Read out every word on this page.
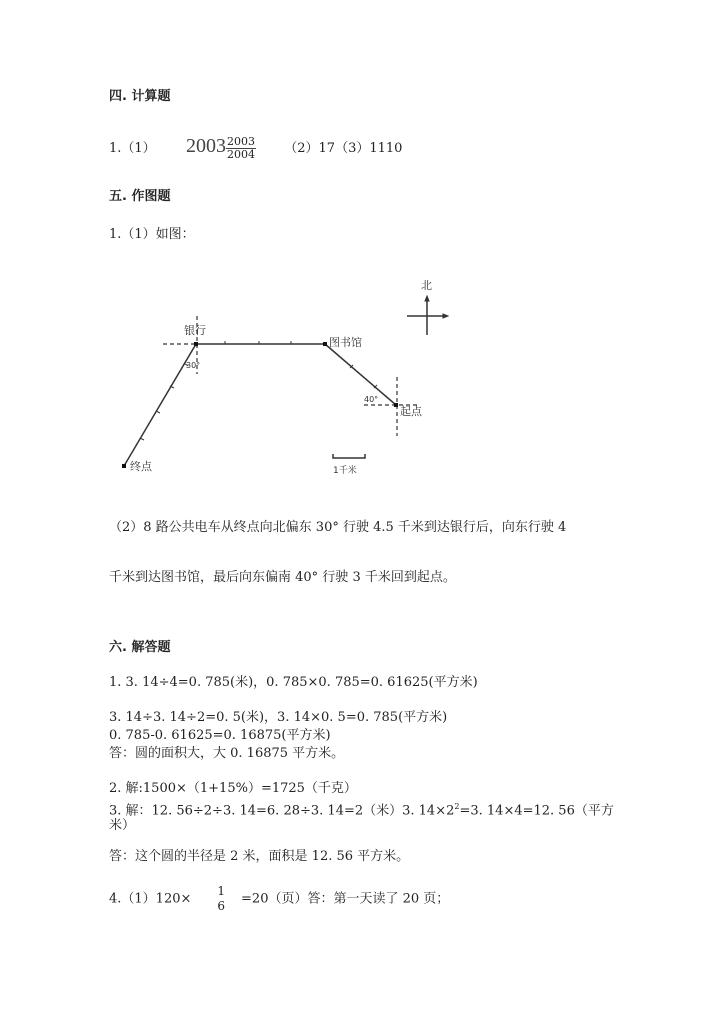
四. 计算题
1.（1） $2003 \frac{2003}{2004} (2)17(3)1110$
五. 作图题
1.（1）如图：
北
银行
图书馆
起点
终点
30°
40°
1千米
（2）8 路公共电车从终点向北偏东 30° 行驶 4.5 千米到达银行后，向东行驶 4
千米到达图书馆，最后向东偏南 40° 行驶 3 千米回到起点。
六. 解答题
1. 3. 14÷4=0. 785(米)，0. 785×0. 785=0. 61625(平方米)
3. 14÷3. 14÷2=0. 5(米)，3. 14×0. 5=0. 785(平方米)
0. 785-0. 61625=0. 16875(平方米)
答：圆的面积大，大 0. 16875 平方米。
2. 解:1500×（1+15%）=1725（千克）
3. 解：12. 56÷2÷3. 14=6. 28÷3. 14=2（米）3. $14\times 2^2=3$. 14×4=12. 56（平方
米）
答：这个圆的半径是 2 米，面积是 12. 56 平方米。
4.（1）120×
1
6 =20（页）答：第一天读了 20 页；
